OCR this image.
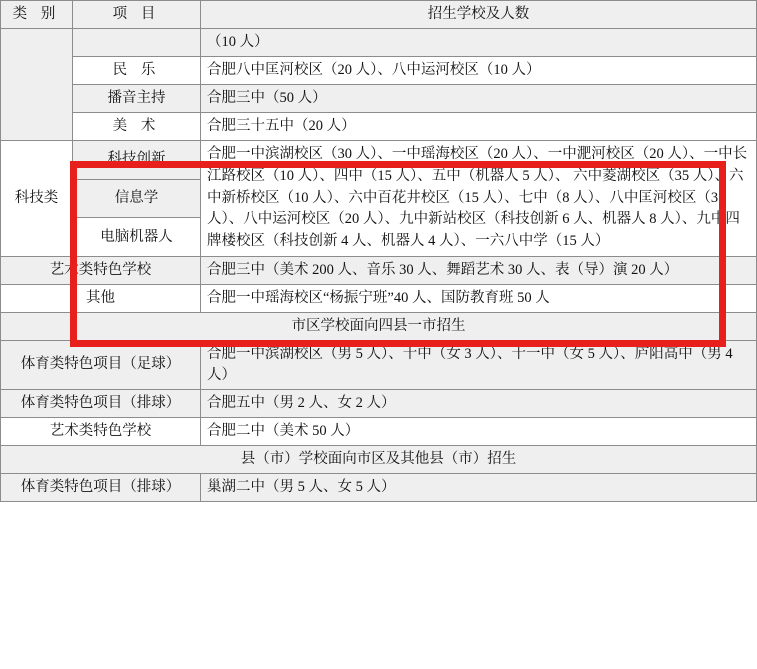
类 别	项 目	招生学校及人数
		（10 人）
	民 乐	合肥八中匡河校区（20 人）、八中运河校区（10 人）
	播音主持	合肥三中（50 人）
	美 术	合肥三十五中（20 人）
科技类	科技创新	合肥一中滨湖校区（30 人）、一中瑶海校区（20 人）、一中淝河校区（20 人）、一中长江路校区（10 人）、四中（15 人）、五中（机器人 5 人）、 六中菱湖校区（35 人）、六中新桥校区（10 人）、六中百花井校区（15 人）、七中（8 人）、八中匡河校区（35 人）、八中运河校区（20 人）、九中新站校区（科技创新 6 人、机器人 8 人）、九中四牌楼校区（科技创新 4 人、机器人 4 人）、一六八中学（15 人）
	信息学	
	电脑机器人	
艺术类特色学校		合肥三中（美术 200 人、音乐 30 人、舞蹈艺术 30 人、表（导）演 20 人）
其他		合肥一中瑶海校区“杨振宁班”40 人、国防教育班 50 人
市区学校面向四县一市招生		
体育类特色项目（足球）		合肥一中滨湖校区（男 5 人）、十中（女 3 人）、十一中（女 5 人）、庐阳高中（男 4 人）
体育类特色项目（排球）		合肥五中（男 2 人、女 2 人）
艺术类特色学校		合肥二中（美术 50 人）
县（市）学校面向市区及其他县（市）招生		
体育类特色项目（排球）		巢湖二中（男 5 人、女 5 人）
